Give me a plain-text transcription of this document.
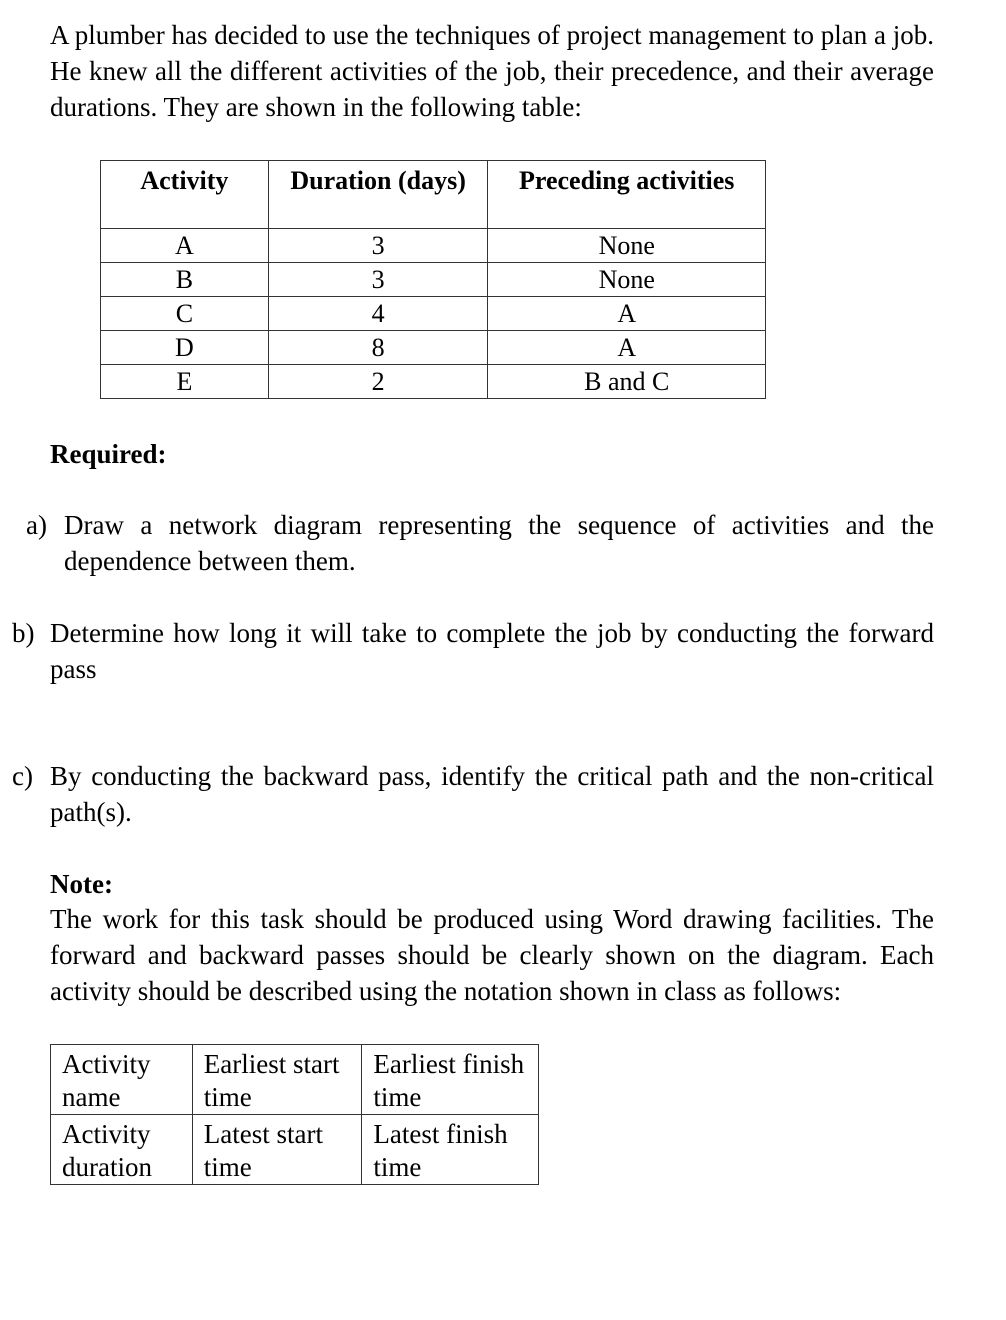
A plumber has decided to use the techniques of project management to plan a job. He knew all the different activities of the job, their precedence, and their average durations. They are shown in the following table:
Activity	Duration (days)	Preceding activities
A	3	None
B	3	None
C	4	A
D	8	A
E	2	B and C
Required:
a) Draw a network diagram representing the sequence of activities and the dependence between them.
b) Determine how long it will take to complete the job by conducting the forward pass
c) By conducting the backward pass, identify the critical path and the non-critical path(s).
Note:
The work for this task should be produced using Word drawing facilities. The forward and backward passes should be clearly shown on the diagram. Each activity should be described using the notation shown in class as follows:
Activity name	Earliest start time	Earliest finish time
Activity duration	Latest start time	Latest finish time
